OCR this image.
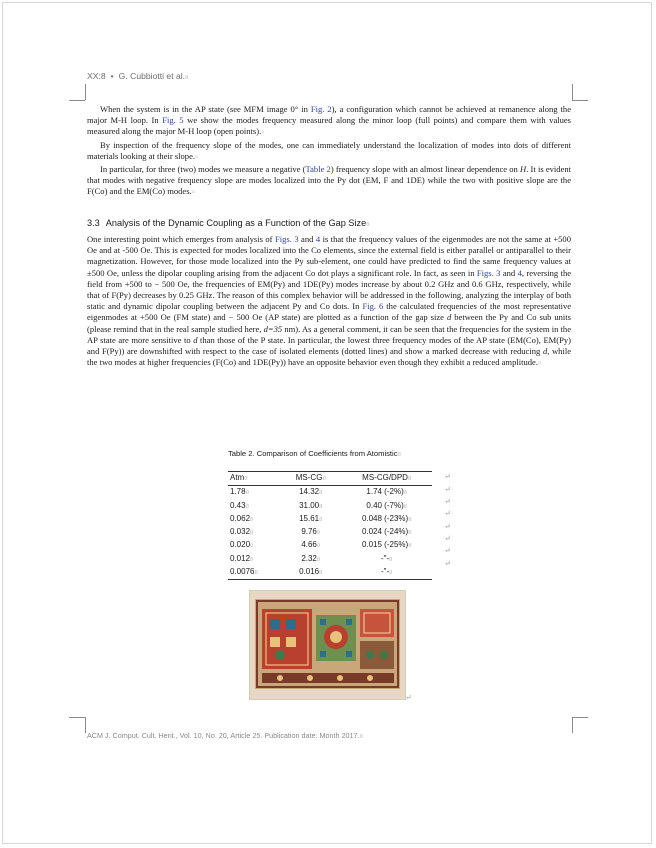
XX:8 • G. Cubbiotti et al.¤

When the system is in the AP state (see MFM image 0° in Fig. 2), a configuration which cannot be achieved at remanence along the major M-H loop. In Fig. 5 we show the modes frequency measured along the minor loop (full points) and compare them with values measured along the major M-H loop (open points).¤

By inspection of the frequency slope of the modes, one can immediately understand the localization of modes into dots of different materials looking at their slope.¤

In particular, for three (two) modes we measure a negative (Table 2) frequency slope with an almost linear dependence on H. It is evident that modes with negative frequency slope are modes localized into the Py dot (EM, F and 1DE) while the two with positive slope are the F(Co) and the EM(Co) modes.¤

3.3 Analysis of the Dynamic Coupling as a Function of the Gap Size¤

One interesting point which emerges from analysis of Figs. 3 and 4 is that the frequency values of the eigenmodes are not the same at +500 Oe and at -500 Oe. This is expected for modes localized into the Co elements, since the external field is either parallel or antiparallel to their magnetization. However, for those mode localized into the Py sub-element, one could have predicted to find the same frequency values at ±500 Oe, unless the dipolar coupling arising from the adjacent Co dot plays a significant role. In fact, as seen in Figs. 3 and 4, reversing the field from +500 to − 500 Oe, the frequencies of EM(Py) and 1DE(Py) modes increase by about 0.2 GHz and 0.6 GHz, respectively, while that of F(Py) decreases by 0.25 GHz. The reason of this complex behavior will be addressed in the following, analyzing the interplay of both static and dynamic dipolar coupling between the adjacent Py and Co dots. In Fig. 6 the calculated frequencies of the most representative eigenmodes at +500 Oe (FM state) and − 500 Oe (AP state) are plotted as a function of the gap size d between the Py and Co sub units (please remind that in the real sample studied here, d=35 nm). As a general comment, it can be seen that the frequencies for the system in the AP state are more sensitive to d than those of the P state. In particular, the lowest three frequency modes of the AP state (EM(Co), EM(Py) and F(Py)) are downshifted with respect to the case of isolated elements (dotted lines) and show a marked decrease with reducing d, while the two modes at higher frequencies (F(Co) and 1DE(Py)) have an opposite behavior even though they exhibit a reduced amplitude.¤

Table 2. Comparison of Coefficients from Atomistic¤
Atm¤	MS-CG¤	MS-CG/DPD¤
1.78¤	14.32¤	1.74 (-2%)¤
0.43¤	31.00¤	0.40 (-7%)¤
0.062¤	15.61¤	0.048 (-23%)¤
0.032¤	9.76¤	0.024 (-24%)¤
0.020¤	4.66¤	0.015 (-25%)¤
0.012¤	2.32¤	-"-¤
0.0076¤	0.016¤	-"-¤
↵
↵
↵
↵
↵
↵
↵
↵
↵
ACM J. Comput. Cult. Herit., Vol. 10, No. 20, Article 25. Publication date: Month 2017.¤
